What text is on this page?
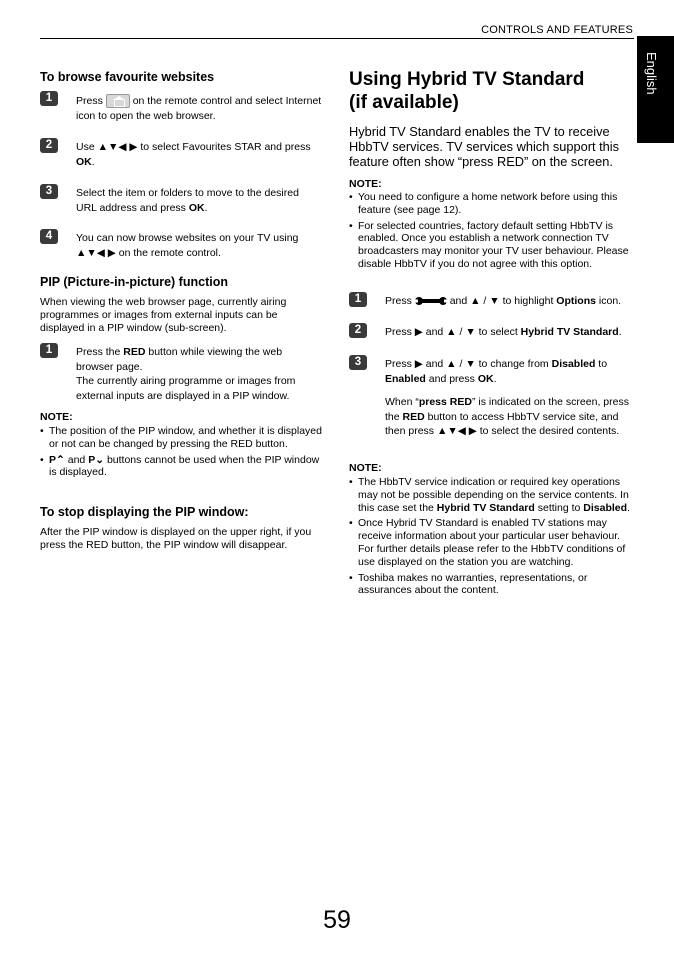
CONTROLS AND FEATURES
English
To browse favourite websites
1	Press	on the remote control and select Internet icon to open the web browser.
2	Use ▲▼◀ ▶ to select Favourites STAR and press OK.
3	Select the item or folders to move to the desired URL address and press OK.
4	You can now browse websites on your TV using
▲▼◀ ▶ on the remote control.
PIP (Picture-in-picture) function
When viewing the web browser page, currently airing programmes or images from external inputs can be displayed in a PIP window (sub-screen).
1	Press the RED button while viewing the web browser page.
The currently airing programme or images from external inputs are displayed in a PIP window.
NOTE:
• The position of the PIP window, and whether it is displayed or not can be changed by pressing the RED button.
• P⌃ and P⌄ buttons cannot be used when the PIP window is displayed.
To stop displaying the PIP window:
After the PIP window is displayed on the upper right, if you press the RED button, the PIP window will disappear.
Using Hybrid TV Standard
(if available)
Hybrid TV Standard enables the TV to receive HbbTV services. TV services which support this feature often show “press RED” on the screen.
NOTE:
• You need to configure a home network before using this feature (see page 12).
• For selected countries, factory default setting HbbTV is enabled. Once you establish a network connection TV broadcasters may monitor your TV user behaviour. Please disable HbbTV if you do not agree with this option.
1	Press	and ▲ / ▼ to highlight Options icon.
2	Press ▶ and ▲ / ▼ to select Hybrid TV Standard.
3	Press ▶ and ▲ / ▼ to change from Disabled to Enabled and press OK.
When “press RED” is indicated on the screen, press the RED button to access HbbTV service site, and then press ▲▼◀ ▶ to select the desired contents.
NOTE:
• The HbbTV service indication or required key operations may not be possible depending on the service contents. In this case set the Hybrid TV Standard setting to Disabled.
• Once Hybrid TV Standard is enabled TV stations may receive information about your particular user behaviour. For further details please refer to the HbbTV conditions of use displayed on the station you are watching.
• Toshiba makes no warranties, representations, or assurances about the content.
59
